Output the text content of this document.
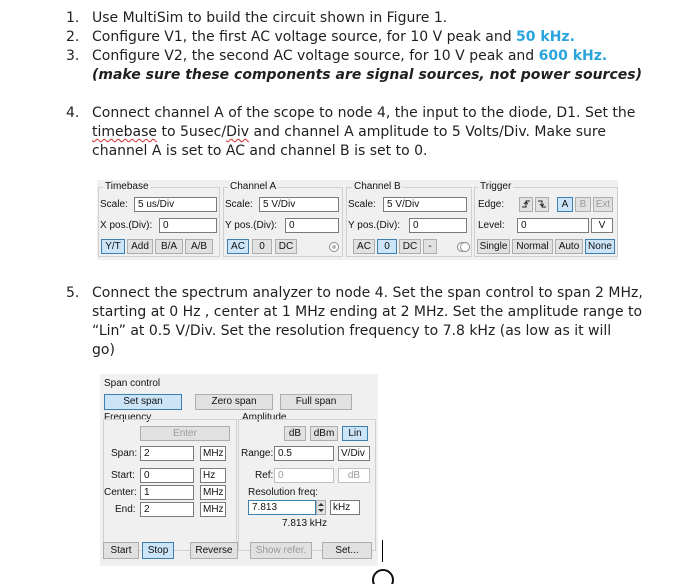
1. Use MultiSim to build the circuit shown in Figure 1.
2. Configure V1, the first AC voltage source, for 10 V peak and 50 kHz.
3. Configure V2, the second AC voltage source, for 10 V peak and 600 kHz.
(make sure these components are signal sources, not power sources)
4. Connect channel A of the scope to node 4, the input to the diode, D1. Set the
timebase to 5usec/Div and channel A amplitude to 5 Volts/Div. Make sure
channel A is set to AC and channel B is set to 0.
Timebase
Scale:	5 us/Div
X pos.(Div):	0
Y/T	Add	B/A	A/B
Channel A
Scale:	5 V/Div
Y pos.(Div):	0
AC	0	DC
Channel B
Scale:	5 V/Div
Y pos.(Div):	0
AC	0	DC	-
Trigger
Edge:	A	B Ext
Level:	0	V
Single Normal	Auto None
5. Connect the spectrum analyzer to node 4. Set the span control to span 2 MHz,
starting at 0 Hz , center at 1 MHz ending at 2 MHz. Set the amplitude range to
“Lin” at 0.5 V/Div. Set the resolution frequency to 7.8 kHz (as low as it will
go)
Span control
Set span	Zero span	Full span
Frequency
Enter
Span: 2	MHz
Start: 0	Hz
Center: 1	MHz
End: 2	MHz
Amplitude
dB	dBm	Lin
Range: 0.5	V/Div
Ref: 0	dB
Resolution freq:
7.813	kHz
7.813 kHz
Start	Stop	Reverse	Show refer.	Set...
